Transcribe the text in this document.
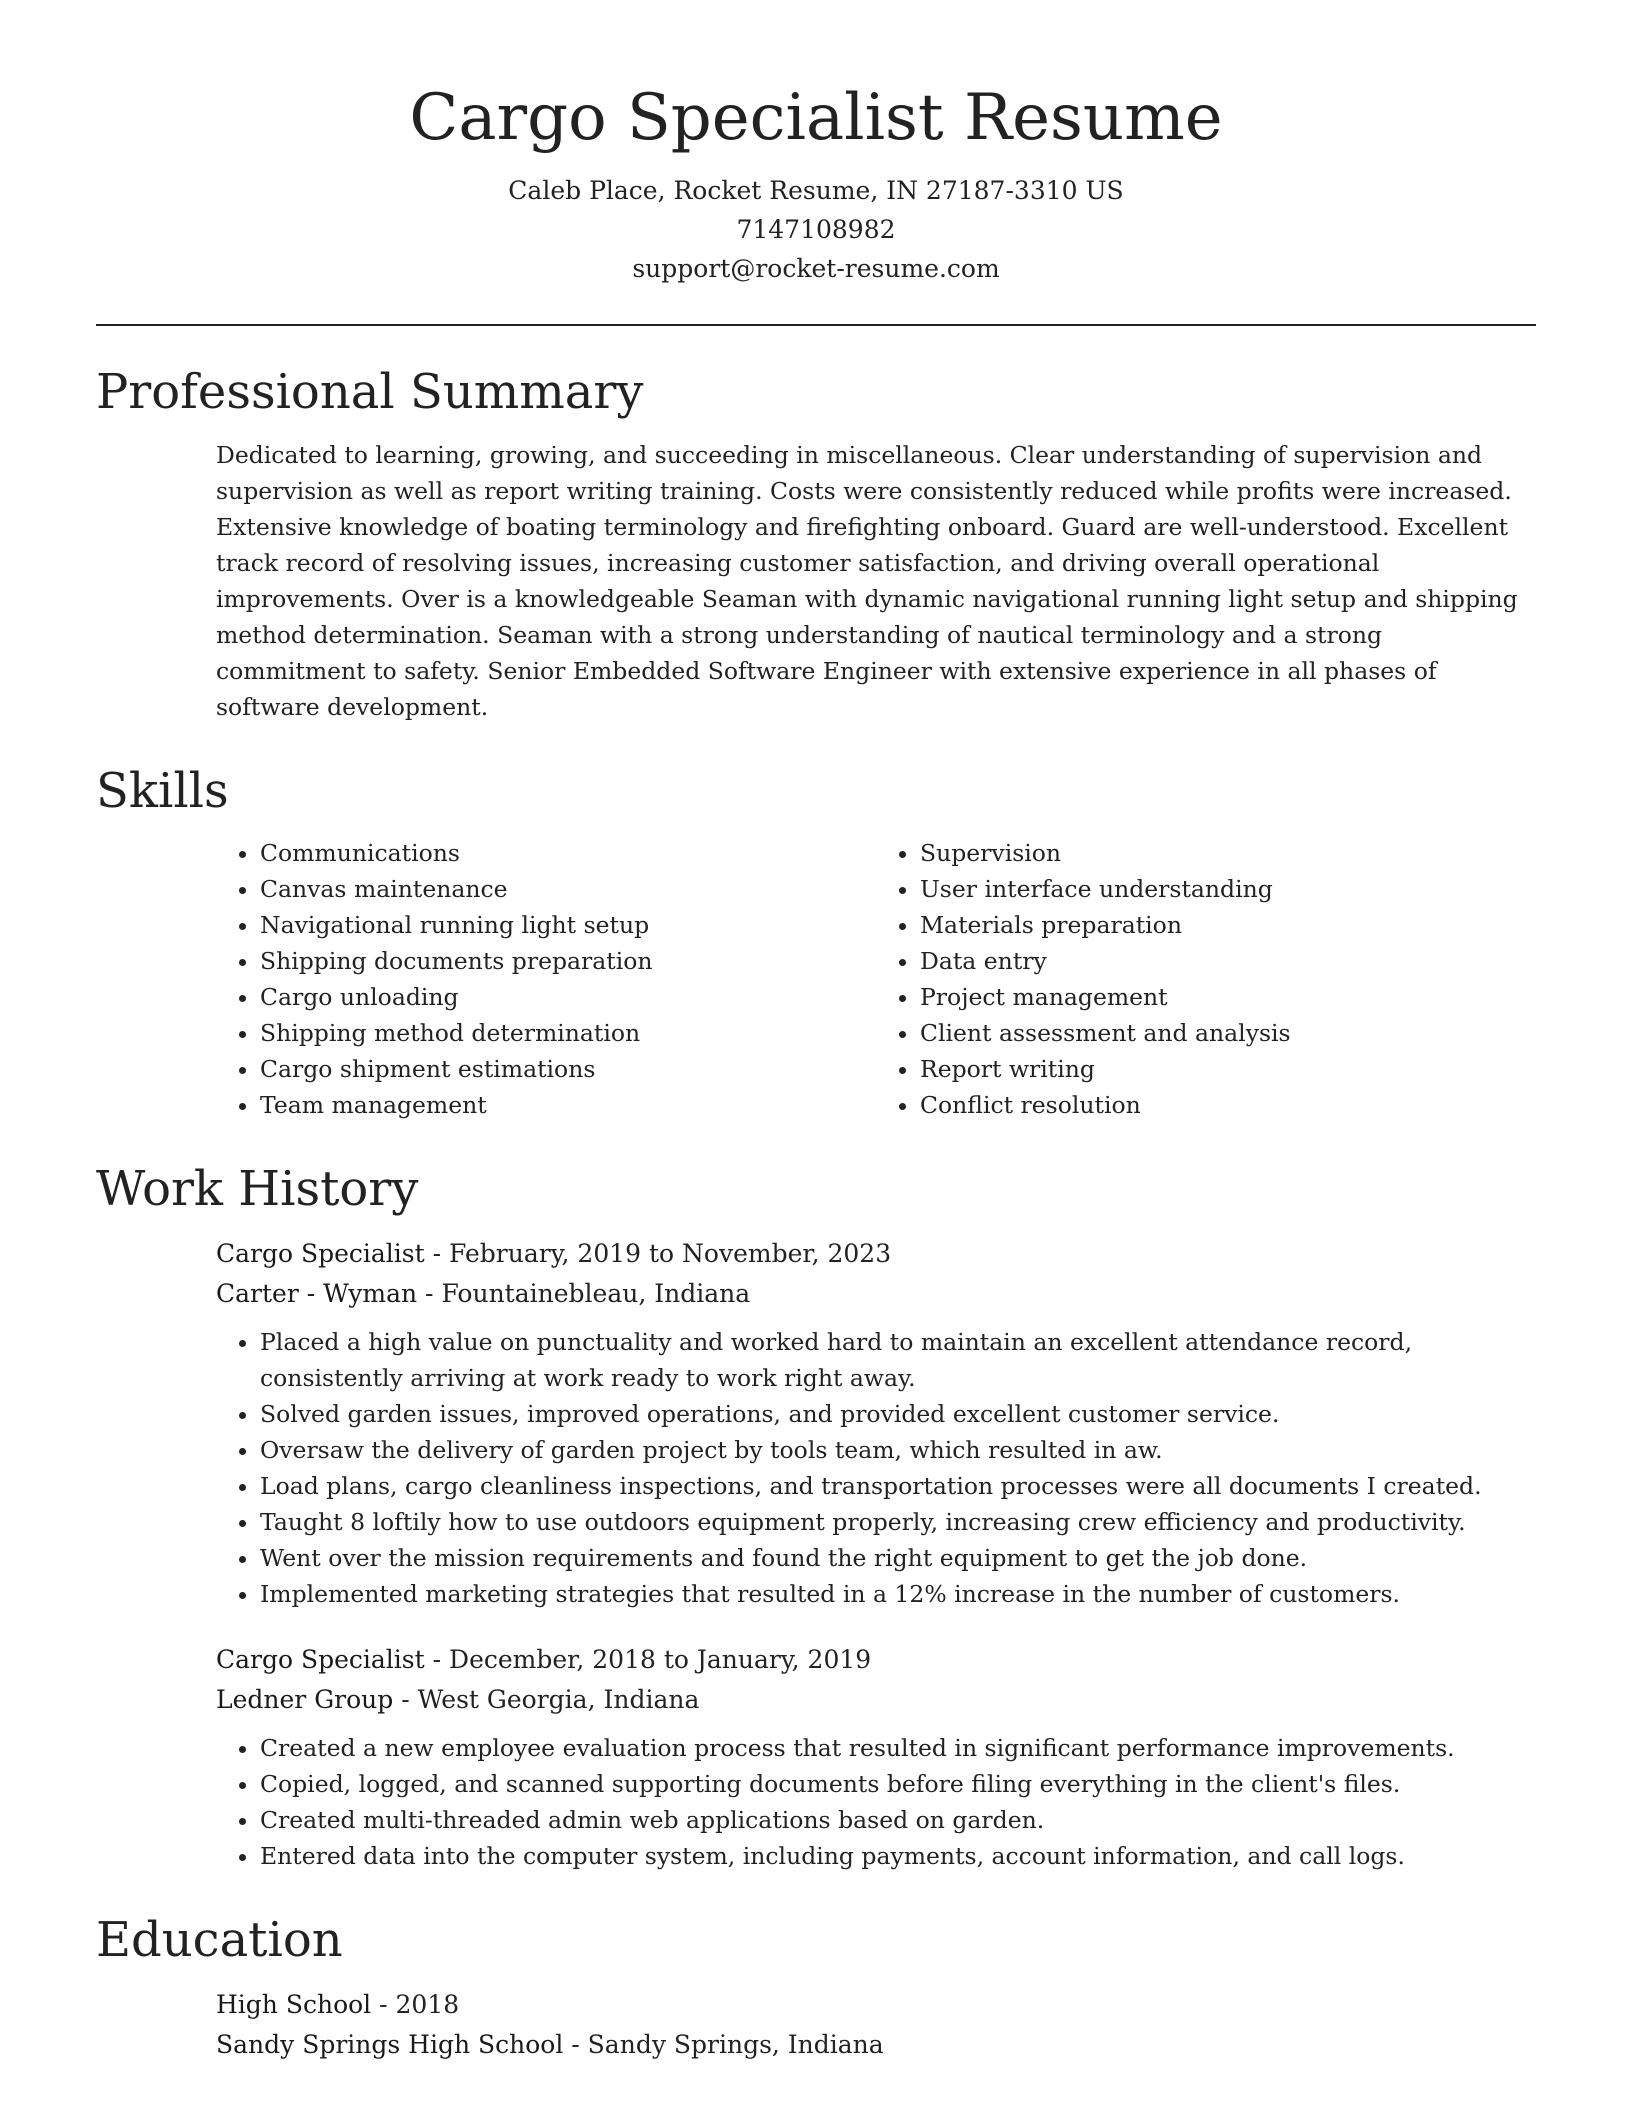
Cargo Specialist Resume

Caleb Place, Rocket Resume, IN 27187-3310 US

7147108982

support@rocket-resume.com

Professional Summary

Dedicated to learning, growing, and succeeding in miscellaneous. Clear understanding of supervision and supervision as well as report writing training. Costs were consistently reduced while profits were increased. Extensive knowledge of boating terminology and firefighting onboard. Guard are well-understood. Excellent track record of resolving issues, increasing customer satisfaction, and driving overall operational improvements. Over is a knowledgeable Seaman with dynamic navigational running light setup and shipping method determination. Seaman with a strong understanding of nautical terminology and a strong commitment to safety. Senior Embedded Software Engineer with extensive experience in all phases of software development.

Skills
• Communications
• Canvas maintenance
• Navigational running light setup
• Shipping documents preparation
• Cargo unloading
• Shipping method determination
• Cargo shipment estimations
• Team management
• Supervision
• User interface understanding
• Materials preparation
• Data entry
• Project management
• Client assessment and analysis
• Report writing
• Conflict resolution
Work History

Cargo Specialist - February, 2019 to November, 2023

Carter - Wyman - Fountainebleau, Indiana

• Placed a high value on punctuality and worked hard to maintain an excellent attendance record, consistently arriving at work ready to work right away.
• Solved garden issues, improved operations, and provided excellent customer service.
• Oversaw the delivery of garden project by tools team, which resulted in aw.
• Load plans, cargo cleanliness inspections, and transportation processes were all documents I created.
• Taught 8 loftily how to use outdoors equipment properly, increasing crew efficiency and productivity.
• Went over the mission requirements and found the right equipment to get the job done.
• Implemented marketing strategies that resulted in a 12% increase in the number of customers.

Cargo Specialist - December, 2018 to January, 2019

Ledner Group - West Georgia, Indiana

• Created a new employee evaluation process that resulted in significant performance improvements.
• Copied, logged, and scanned supporting documents before filing everything in the client's files.
• Created multi-threaded admin web applications based on garden.
• Entered data into the computer system, including payments, account information, and call logs.
Education

High School - 2018

Sandy Springs High School - Sandy Springs, Indiana
